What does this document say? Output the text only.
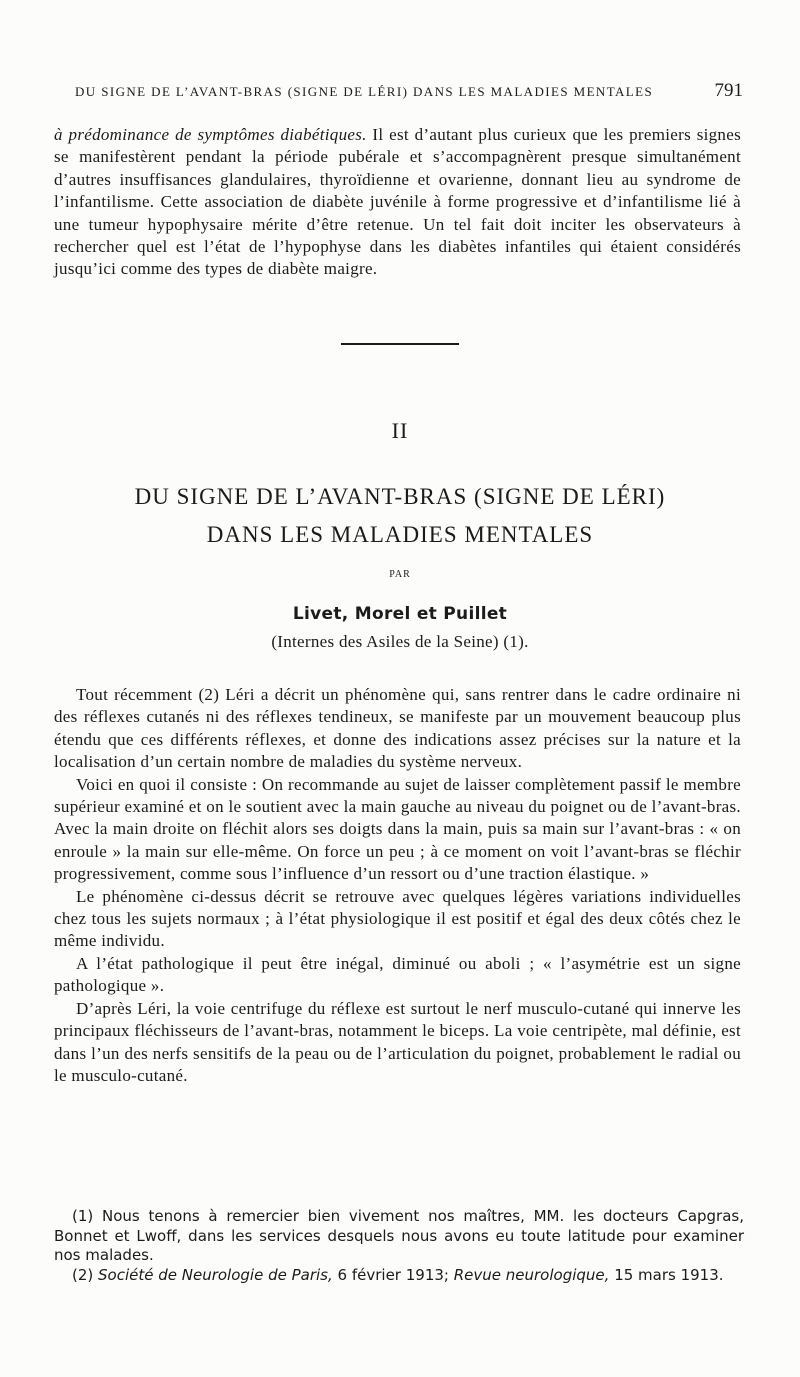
DU SIGNE DE L’AVANT-BRAS (SIGNE DE LÉRI) DANS LES MALADIES MENTALES	791

à prédominance de symptômes diabétiques. Il est d’autant plus curieux que les premiers signes se manifestèrent pendant la période pubérale et s’accompagnèrent presque simultanément d’autres insuffisances glandulaires, thyroïdienne et ovarienne, donnant lieu au syndrome de l’infantilisme. Cette association de diabète juvénile à forme progressive et d’infantilisme lié à une tumeur hypophysaire mérite d’être retenue. Un tel fait doit inciter les observateurs à rechercher quel est l’état de l’hypophyse dans les diabètes infantiles qui étaient considérés jusqu’ici comme des types de diabète maigre.

II
DU SIGNE DE L’AVANT-BRAS (SIGNE DE LÉRI)
DANS LES MALADIES MENTALES
PAR
Livet, Morel et Puillet
(Internes des Asiles de la Seine) (1).

Tout récemment (2) Léri a décrit un phénomène qui, sans rentrer dans le cadre ordinaire ni des réflexes cutanés ni des réflexes tendineux, se manifeste par un mouvement beaucoup plus étendu que ces différents réflexes, et donne des indications assez précises sur la nature et la localisation d’un certain nombre de maladies du système nerveux.

Voici en quoi il consiste : On recommande au sujet de laisser complètement passif le membre supérieur examiné et on le soutient avec la main gauche au niveau du poignet ou de l’avant-bras. Avec la main droite on fléchit alors ses doigts dans la main, puis sa main sur l’avant-bras : « on enroule » la main sur elle-même. On force un peu ; à ce moment on voit l’avant-bras se fléchir progressivement, comme sous l’influence d’un ressort ou d’une traction élastique. »

Le phénomène ci-dessus décrit se retrouve avec quelques légères variations individuelles chez tous les sujets normaux ; à l’état physiologique il est positif et égal des deux côtés chez le même individu.

A l’état pathologique il peut être inégal, diminué ou aboli ; « l’asymétrie est un signe pathologique ».

D’après Léri, la voie centrifuge du réflexe est surtout le nerf musculo-cutané qui innerve les principaux fléchisseurs de l’avant-bras, notamment le biceps. La voie centripète, mal définie, est dans l’un des nerfs sensitifs de la peau ou de l’articulation du poignet, probablement le radial ou le musculo-cutané.

(1) Nous tenons à remercier bien vivement nos maîtres, MM. les docteurs Capgras, Bonnet et Lwoff, dans les services desquels nous avons eu toute latitude pour examiner nos malades.

(2) Société de Neurologie de Paris, 6 février 1913; Revue neurologique, 15 mars 1913.
